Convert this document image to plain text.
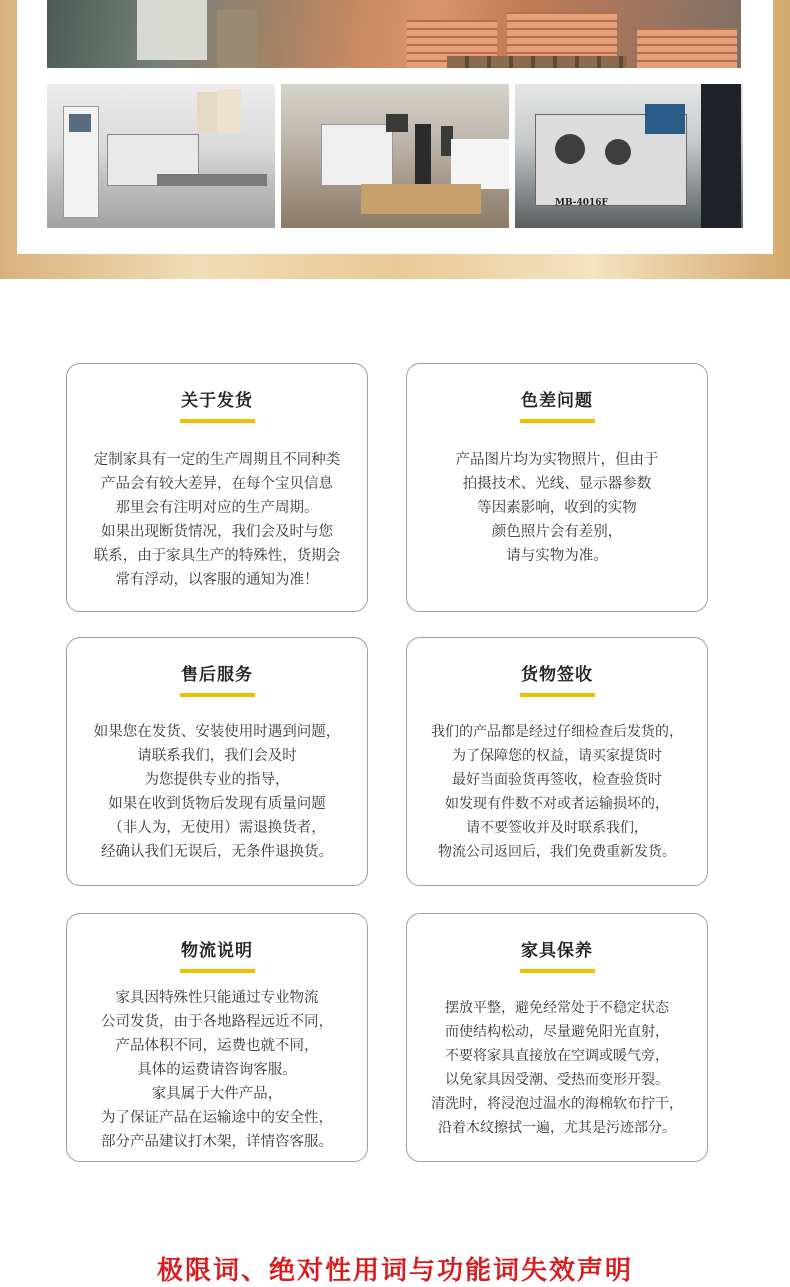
MB-4016F
关于发货
定制家具有一定的生产周期且不同种类
产品会有较大差异，在每个宝贝信息
那里会有注明对应的生产周期。
如果出现断货情况，我们会及时与您
联系，由于家具生产的特殊性，货期会
常有浮动，以客服的通知为准！
色差问题
产品图片均为实物照片，但由于
拍摄技术、光线、显示器参数
等因素影响，收到的实物
颜色照片会有差别，
请与实物为准。
售后服务
如果您在发货、安装使用时遇到问题，
请联系我们，我们会及时
为您提供专业的指导，
如果在收到货物后发现有质量问题
（非人为，无使用）需退换货者，
经确认我们无误后，无条件退换货。
货物签收
我们的产品都是经过仔细检查后发货的，
为了保障您的权益，请买家提货时
最好当面验货再签收，检查验货时
如发现有件数不对或者运输损坏的，
请不要签收并及时联系我们，
物流公司返回后，我们免费重新发货。
物流说明
家具因特殊性只能通过专业物流
公司发货，由于各地路程远近不同，
产品体积不同，运费也就不同，
具体的运费请咨询客服。
家具属于大件产品，
为了保证产品在运输途中的安全性，
部分产品建议打木架，详情咨客服。
家具保养
摆放平整，避免经常处于不稳定状态
而使结构松动，尽量避免阳光直射，
不要将家具直接放在空调或暖气旁，
以免家具因受潮、受热而变形开裂。
清洗时，将浸泡过温水的海棉软布拧干，
沿着木纹擦拭一遍，尤其是污迹部分。
极限词、绝对性用词与功能词失效声明
